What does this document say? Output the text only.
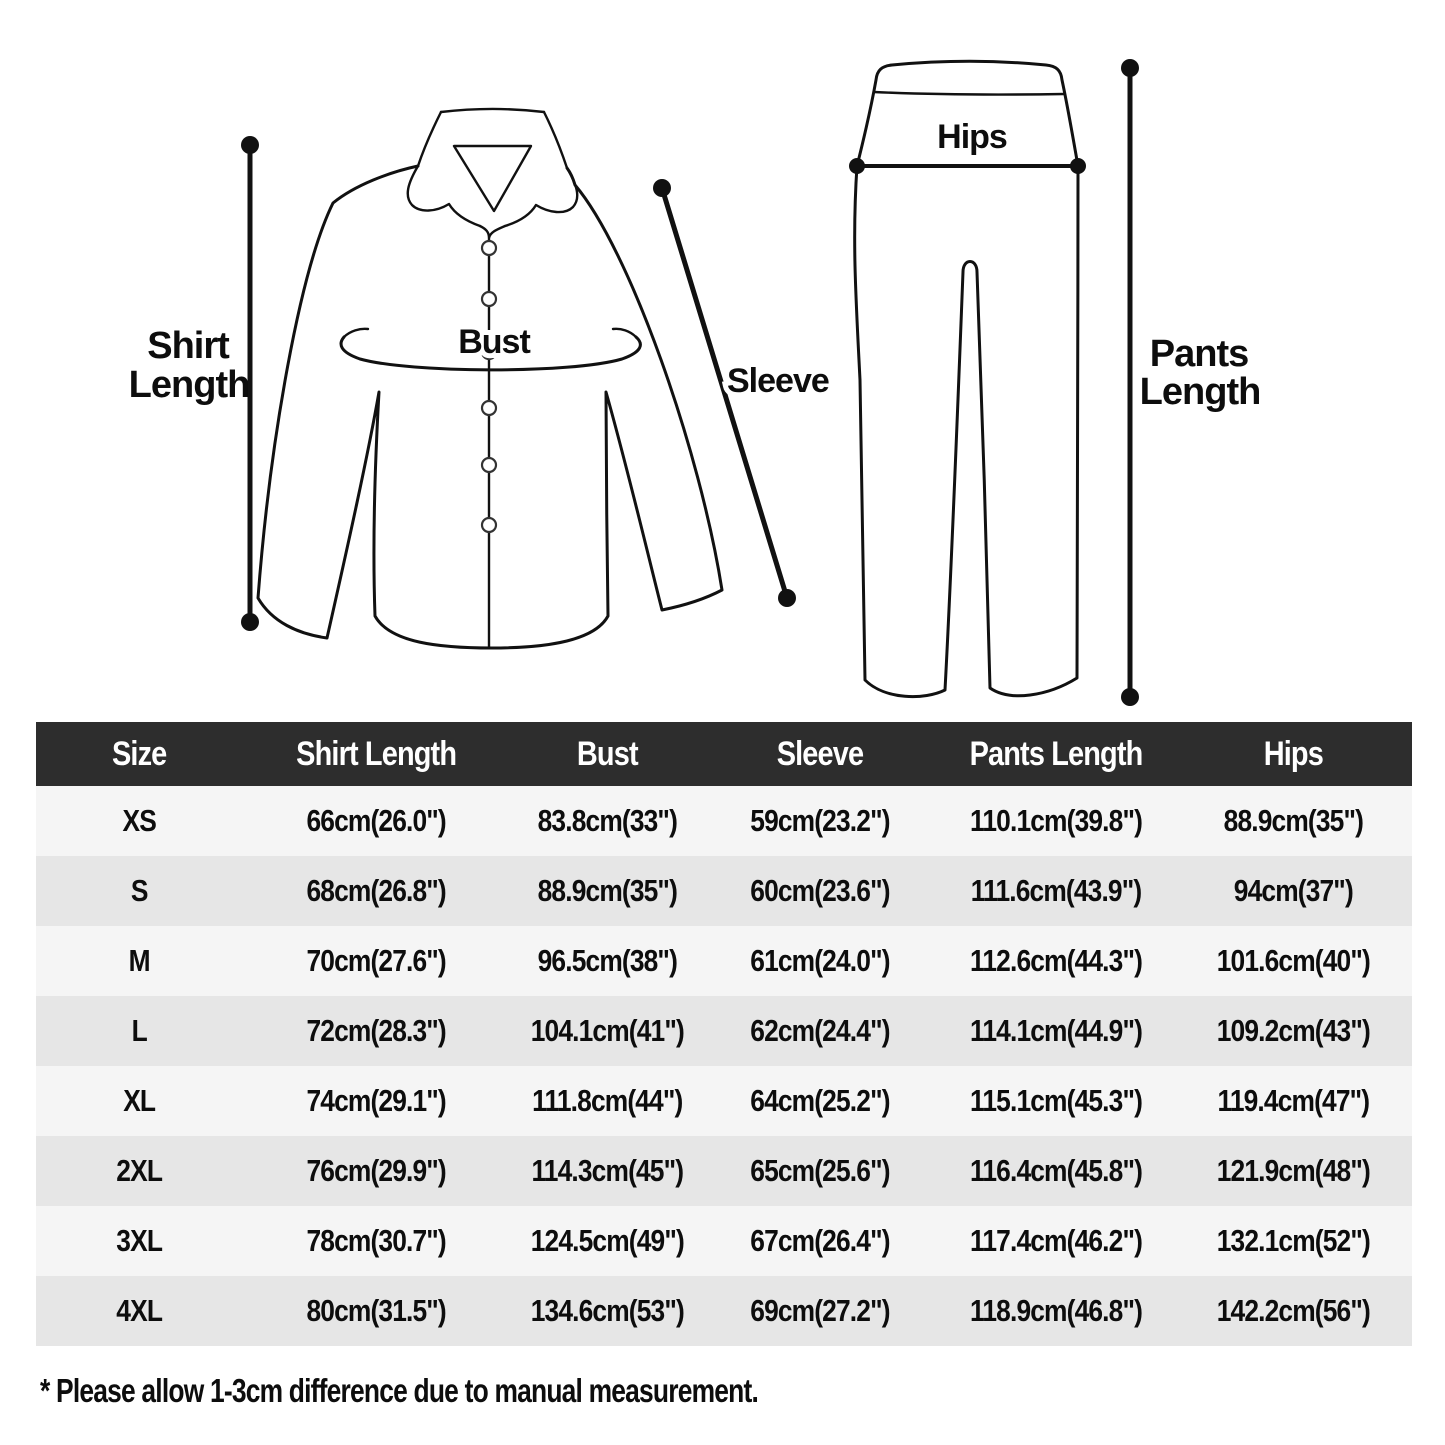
Bust
Shirt
Length	Sleeve
Hips
Pants
Length
Size	Shirt Length	Bust	Sleeve	Pants Length	Hips
XS	66cm(26.0")	83.8cm(33")	59cm(23.2")	110.1cm(39.8")	88.9cm(35")
S	68cm(26.8")	88.9cm(35")	60cm(23.6")	111.6cm(43.9")	94cm(37")
M	70cm(27.6")	96.5cm(38")	61cm(24.0")	112.6cm(44.3")	101.6cm(40")
L	72cm(28.3")	104.1cm(41")	62cm(24.4")	114.1cm(44.9")	109.2cm(43")
XL	74cm(29.1")	111.8cm(44")	64cm(25.2")	115.1cm(45.3")	119.4cm(47")
2XL	76cm(29.9")	114.3cm(45")	65cm(25.6")	116.4cm(45.8")	121.9cm(48")
3XL	78cm(30.7")	124.5cm(49")	67cm(26.4")	117.4cm(46.2")	132.1cm(52")
4XL	80cm(31.5")	134.6cm(53")	69cm(27.2")	118.9cm(46.8")	142.2cm(56")
* Please allow 1-3cm difference due to manual measurement.
